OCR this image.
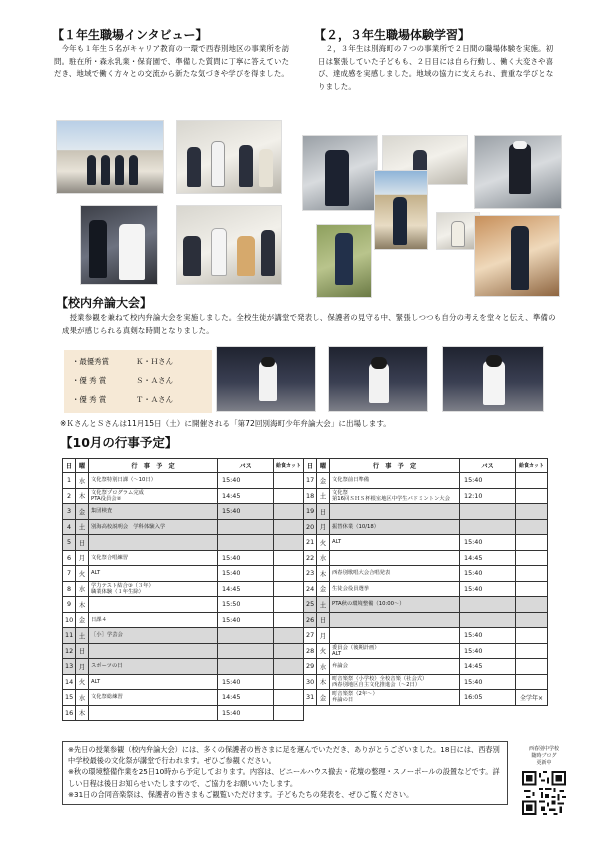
【１年生職場インタビュー】
　今年も１年生５名がキャリア教育の一環で西春別地区の事業所を訪問。駐在所・森永乳業・保育園で、準備した質問に丁寧に答えていただき、地域で働く方々との交流から新たな気づきや学びを得ました。
【２，３年生職場体験学習】
　２，３年生は別海町の７つの事業所で２日間の職場体験を実施。初日は緊張していた子どもも、２日目には自ら行動し、働く大変さや喜び、達成感を実感しました。地域の協力に支えられ、貴重な学びとなりました。
【校内弁論大会】
　授業参観を兼ねて校内弁論大会を実施しました。全校生徒が講堂で発表し、保護者の見守る中、緊張しつつも自分の考えを堂々と伝え、準備の成果が感じられる真剣な時間となりました。
・最優秀賞	Ｋ・Ｈさん
・優 秀 賞	Ｓ・Ａさん
・優 秀 賞	Ｔ・Ａさん
※ＫさんとＳさんは11月15日（土）に開催される「第72回別海町少年弁論大会」に出場します。
【10月の行事予定】
日	曜	行　事　予　定	バス	給食カット
1	水	文化祭特別日課（～10日）	15:40	
2	木	文化祭プログラム完成
PTA役員会②	14:45	
3	金	集団検査	15:40	
4	土	別海高校説明会　学科体験入学		
5	日			
6	月	文化祭合唱練習	15:40	
7	火	ALT	15:40	
8	水	学力テスト結合③（３年）
職業体験（１年生除）	14:45	
9	木		15:50	
10	金	日課４	15:40	
11	土	［小］学芸会		
12	日			
13	月	スポーツの日		
14	火	ALT	15:40	
15	水	文化祭総練習	14:45	
16	木		15:40	
日	曜	行　事　予　定	バス	給食カット
17	金	文化祭前日準備	15:40	
18	土	文化祭
第16回ＳＨＳ杯根室地区中学生バドミントン大会	12:10	
19	日			
20	月	振替休業（10/18）		
21	火	ALT	15:40	
22	水		14:45	
23	木	西春別歌唱大会合唱発表	15:40	
24	金	生徒会役員選挙	15:40	
25	土	PTA秋の環境整備（10:00～）		
26	日			
27	月		15:40	
28	火	委員会（後期計画）
ALT	15:40	
29	水	弁論会	14:45	
30	木	町音楽祭（小学校）全校音楽（社会式）
西春別地区自主文化推進会（～2日）	15:40	
31	金	町音楽祭（2年～）
弁論の日	16:05	全学年×
※先日の授業参観（校内弁論大会）には、多くの保護者の皆さまに足を運んでいただき、ありがとうございました。18日には、西春別中学校最後の文化祭が講堂で行われます。ぜひご参観ください。
※秋の環境整備作業を25日10時から予定しております。内容は、ビニールハウス撤去・花壇の整理・スノーポールの設置などです。詳しい日程は後日お知らせいたしますので、ご協力をお願いいたします。
※31日の合同音楽祭は、保護者の皆さまもご観覧いただけます。子どもたちの発表を、ぜひご覧ください。
西春別中学校
随時ブログ
更新中
